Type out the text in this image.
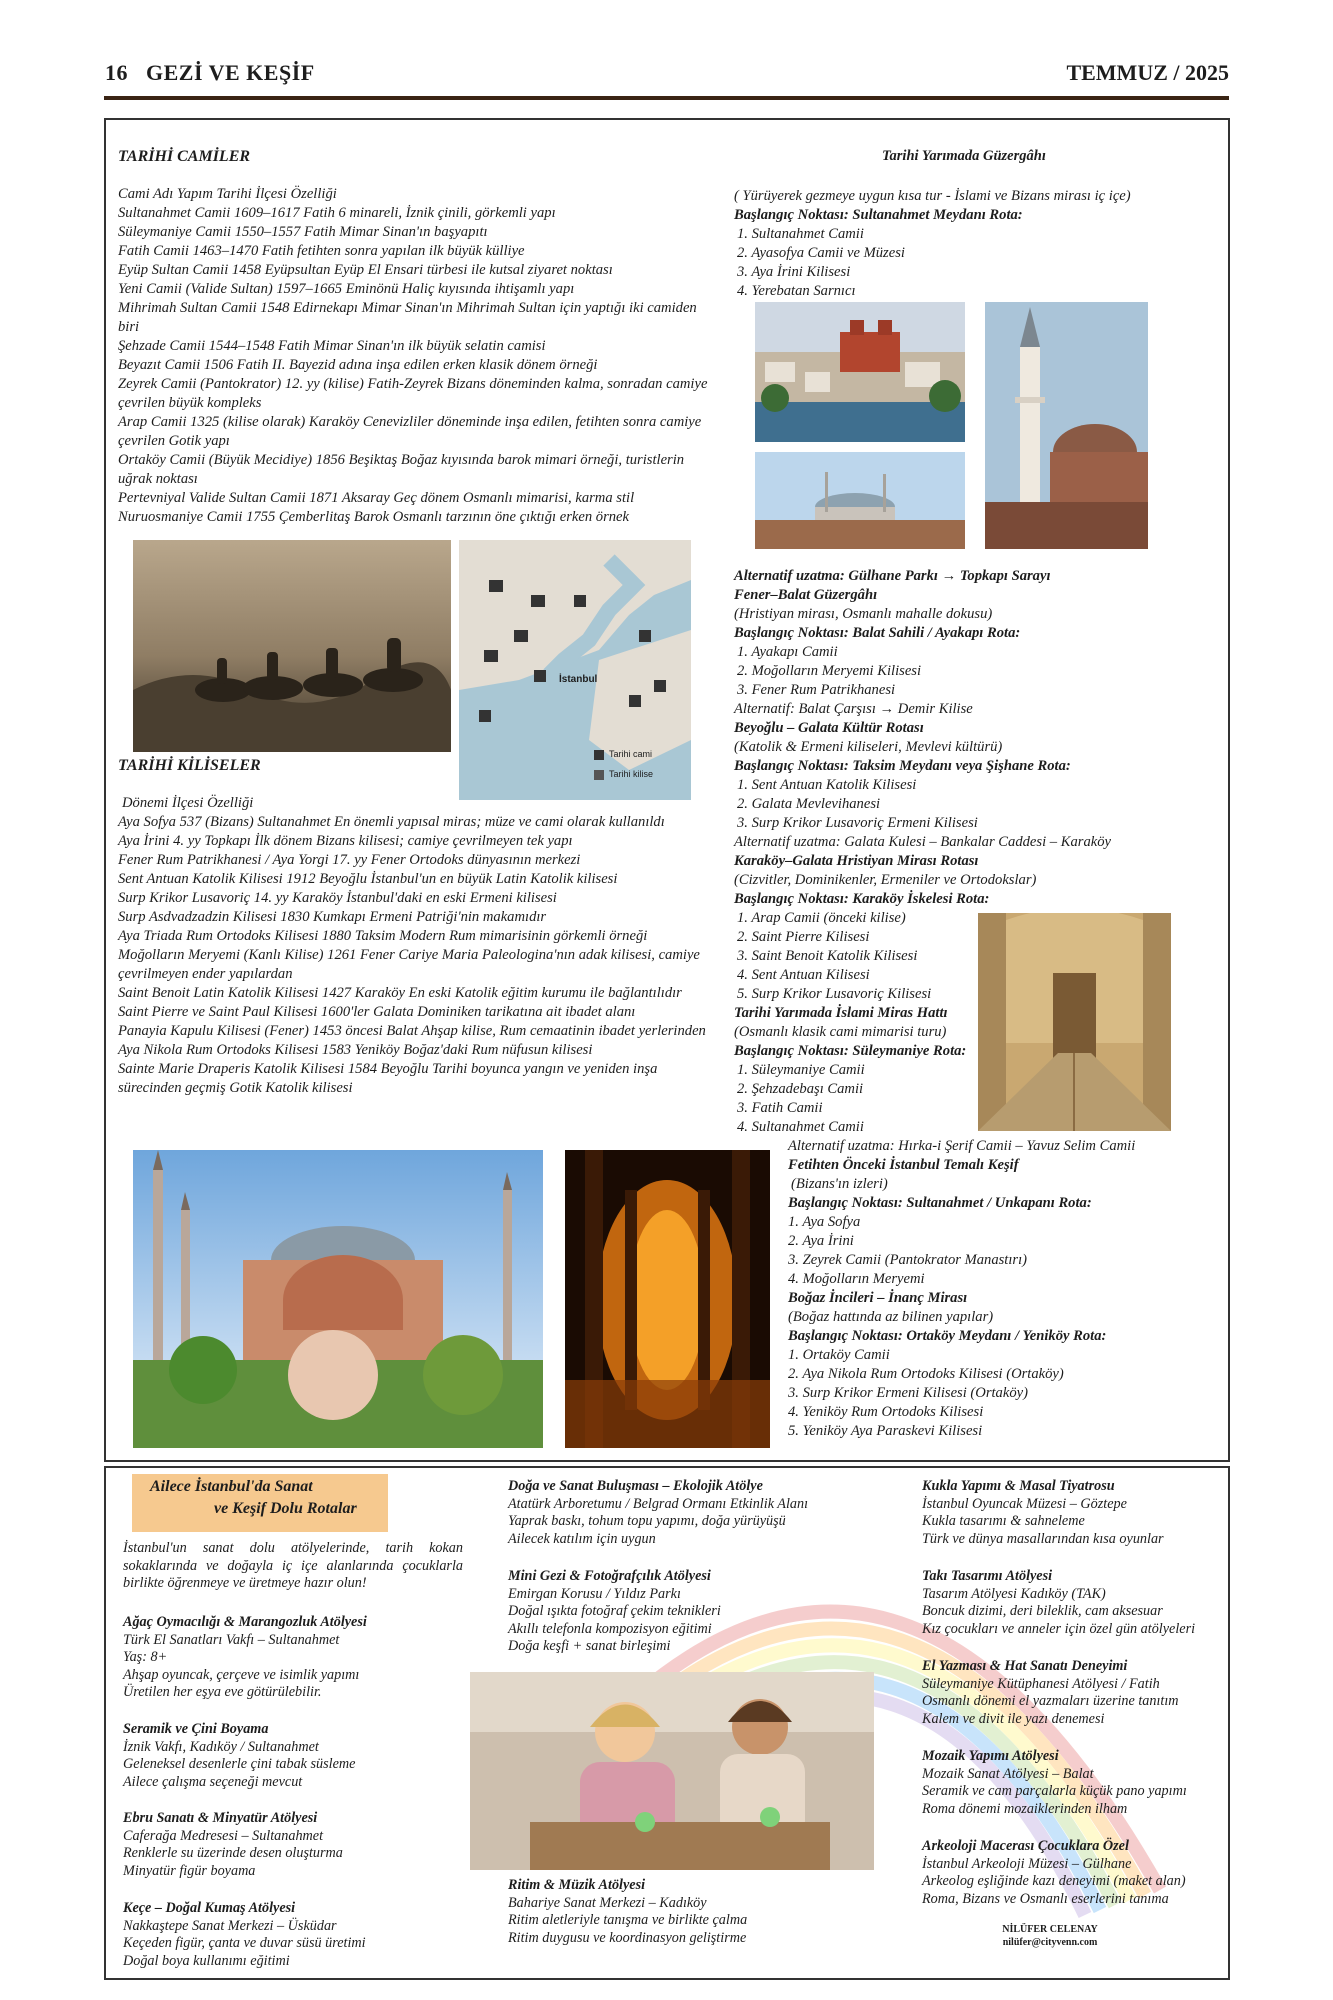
16 GEZİ VE KEŞİF	TEMMUZ / 2025
TARİHİ CAMİLER
Cami Adı Yapım Tarihi İlçesi Özelliği
Sultanahmet Camii 1609–1617 Fatih 6 minareli, İznik çinili, görkemli yapı
Süleymaniye Camii 1550–1557 Fatih Mimar Sinan'ın başyapıtı
Fatih Camii 1463–1470 Fatih fetihten sonra yapılan ilk büyük külliye
Eyüp Sultan Camii 1458 Eyüpsultan Eyüp El Ensari türbesi ile kutsal ziyaret noktası
Yeni Camii (Valide Sultan) 1597–1665 Eminönü Haliç kıyısında ihtişamlı yapı
Mihrimah Sultan Camii 1548 Edirnekapı Mimar Sinan'ın Mihrimah Sultan için yaptığı iki camiden biri
Şehzade Camii 1544–1548 Fatih Mimar Sinan'ın ilk büyük selatin camisi
Beyazıt Camii 1506 Fatih II. Bayezid adına inşa edilen erken klasik dönem örneği
Zeyrek Camii (Pantokrator) 12. yy (kilise) Fatih-Zeyrek Bizans döneminden kalma, sonradan camiye çevrilen büyük kompleks
Arap Camii 1325 (kilise olarak) Karaköy Cenevizliler döneminde inşa edilen, fetihten sonra camiye çevrilen Gotik yapı
Ortaköy Camii (Büyük Mecidiye) 1856 Beşiktaş Boğaz kıyısında barok mimari örneği, turistlerin uğrak noktası
Pertevniyal Valide Sultan Camii 1871 Aksaray Geç dönem Osmanlı mimarisi, karma stil
Nuruosmaniye Camii 1755 Çemberlitaş Barok Osmanlı tarzının öne çıktığı erken örnek
İstanbul
Tarihi cami
Tarihi kilise
TARİHİ KİLİSELER
Dönemi İlçesi Özelliği
Aya Sofya 537 (Bizans) Sultanahmet En önemli yapısal miras; müze ve cami olarak kullanıldı
Aya İrini 4. yy Topkapı İlk dönem Bizans kilisesi; camiye çevrilmeyen tek yapı
Fener Rum Patrikhanesi / Aya Yorgi 17. yy Fener Ortodoks dünyasının merkezi
Sent Antuan Katolik Kilisesi 1912 Beyoğlu İstanbul'un en büyük Latin Katolik kilisesi
Surp Krikor Lusavoriç 14. yy Karaköy İstanbul'daki en eski Ermeni kilisesi
Surp Asdvadzadzin Kilisesi 1830 Kumkapı Ermeni Patriği'nin makamıdır
Aya Triada Rum Ortodoks Kilisesi 1880 Taksim Modern Rum mimarisinin görkemli örneği
Moğolların Meryemi (Kanlı Kilise) 1261 Fener Cariye Maria Paleologina'nın adak kilisesi, camiye çevrilmeyen ender yapılardan
Saint Benoit Latin Katolik Kilisesi 1427 Karaköy En eski Katolik eğitim kurumu ile bağlantılıdır
Saint Pierre ve Saint Paul Kilisesi 1600'ler Galata Dominiken tarikatına ait ibadet alanı
Panayia Kapulu Kilisesi (Fener) 1453 öncesi Balat Ahşap kilise, Rum cemaatinin ibadet yerlerinden
Aya Nikola Rum Ortodoks Kilisesi 1583 Yeniköy Boğaz'daki Rum nüfusun kilisesi
Sainte Marie Draperis Katolik Kilisesi 1584 Beyoğlu Tarihi boyunca yangın ve yeniden inşa sürecinden geçmiş Gotik Katolik kilisesi
Tarihi Yarımada Güzergâhı
( Yürüyerek gezmeye uygun kısa tur - İslami ve Bizans mirası iç içe)
Başlangıç Noktası: Sultanahmet Meydanı Rota:
1. Sultanahmet Camii
2. Ayasofya Camii ve Müzesi
3. Aya İrini Kilisesi
4. Yerebatan Sarnıcı
Alternatif uzatma: Gülhane Parkı → Topkapı Sarayı
Fener–Balat Güzergâhı
(Hristiyan mirası, Osmanlı mahalle dokusu)
Başlangıç Noktası: Balat Sahili / Ayakapı Rota:
1. Ayakapı Camii
2. Moğolların Meryemi Kilisesi
3. Fener Rum Patrikhanesi
Alternatif: Balat Çarşısı → Demir Kilise
Beyoğlu – Galata Kültür Rotası
(Katolik & Ermeni kiliseleri, Mevlevi kültürü)
Başlangıç Noktası: Taksim Meydanı veya Şişhane Rota:
1. Sent Antuan Katolik Kilisesi
2. Galata Mevlevihanesi
3. Surp Krikor Lusavoriç Ermeni Kilisesi
Alternatif uzatma: Galata Kulesi – Bankalar Caddesi – Karaköy
Karaköy–Galata Hristiyan Mirası Rotası
(Cizvitler, Dominikenler, Ermeniler ve Ortodokslar)
Başlangıç Noktası: Karaköy İskelesi Rota:
1. Arap Camii (önceki kilise)
2. Saint Pierre Kilisesi
3. Saint Benoit Katolik Kilisesi
4. Sent Antuan Kilisesi
5. Surp Krikor Lusavoriç Kilisesi
Tarihi Yarımada İslami Miras Hattı
(Osmanlı klasik cami mimarisi turu)
Başlangıç Noktası: Süleymaniye Rota:
1. Süleymaniye Camii
2. Şehzadebaşı Camii
3. Fatih Camii
4. Sultanahmet Camii
Alternatif uzatma: Hırka-i Şerif Camii – Yavuz Selim Camii
Fetihten Önceki İstanbul Temalı Keşif
(Bizans'ın izleri)
Başlangıç Noktası: Sultanahmet / Unkapanı Rota:
1. Aya Sofya
2. Aya İrini
3. Zeyrek Camii (Pantokrator Manastırı)
4. Moğolların Meryemi
Boğaz İncileri – İnanç Mirası
(Boğaz hattında az bilinen yapılar)
Başlangıç Noktası: Ortaköy Meydanı / Yeniköy Rota:
1. Ortaköy Camii
2. Aya Nikola Rum Ortodoks Kilisesi (Ortaköy)
3. Surp Krikor Ermeni Kilisesi (Ortaköy)
4. Yeniköy Rum Ortodoks Kilisesi
5. Yeniköy Aya Paraskevi Kilisesi
Ailece İstanbul'da Sanat
ve Keşif Dolu Rotalar
İstanbul'un sanat dolu atölyelerinde, tarih kokan sokaklarında ve doğayla iç içe alanlarında çocuklarla birlikte öğrenmeye ve üretmeye hazır olun!
Ağaç Oymacılığı & Marangozluk Atölyesi
Türk El Sanatları Vakfı – Sultanahmet
Yaş: 8+
Ahşap oyuncak, çerçeve ve isimlik yapımı
Üretilen her eşya eve götürülebilir.
Seramik ve Çini Boyama
İznik Vakfı, Kadıköy / Sultanahmet
Geleneksel desenlerle çini tabak süsleme
Ailece çalışma seçeneği mevcut
Ebru Sanatı & Minyatür Atölyesi
Caferağa Medresesi – Sultanahmet
Renklerle su üzerinde desen oluşturma
Minyatür figür boyama
Keçe – Doğal Kumaş Atölyesi
Nakkaştepe Sanat Merkezi – Üsküdar
Keçeden figür, çanta ve duvar süsü üretimi
Doğal boya kullanımı eğitimi
Doğa ve Sanat Buluşması – Ekolojik Atölye
Atatürk Arboretumu / Belgrad Ormanı Etkinlik Alanı
Yaprak baskı, tohum topu yapımı, doğa yürüyüşü
Ailecek katılım için uygun
Mini Gezi & Fotoğrafçılık Atölyesi
Emirgan Korusu / Yıldız Parkı
Doğal ışıkta fotoğraf çekim teknikleri
Akıllı telefonla kompozisyon eğitimi
Doğa keşfi + sanat birleşimi
Ritim & Müzik Atölyesi
Bahariye Sanat Merkezi – Kadıköy
Ritim aletleriyle tanışma ve birlikte çalma
Ritim duygusu ve koordinasyon geliştirme
Kukla Yapımı & Masal Tiyatrosu
İstanbul Oyuncak Müzesi – Göztepe
Kukla tasarımı & sahneleme
Türk ve dünya masallarından kısa oyunlar
Takı Tasarımı Atölyesi
Tasarım Atölyesi Kadıköy (TAK)
Boncuk dizimi, deri bileklik, cam aksesuar
Kız çocukları ve anneler için özel gün atölyeleri
El Yazması & Hat Sanatı Deneyimi
Süleymaniye Kütüphanesi Atölyesi / Fatih
Osmanlı dönemi el yazmaları üzerine tanıtım
Kalem ve divit ile yazı denemesi
Mozaik Yapımı Atölyesi
Mozaik Sanat Atölyesi – Balat
Seramik ve cam parçalarla küçük pano yapımı
Roma dönemi mozaiklerinden ilham
Arkeoloji Macerası Çocuklara Özel
İstanbul Arkeoloji Müzesi – Gülhane
Arkeolog eşliğinde kazı deneyimi (maket alan)
Roma, Bizans ve Osmanlı eserlerini tanıma
NİLÜFER CELENAY
nilüfer@cityvenn.com
